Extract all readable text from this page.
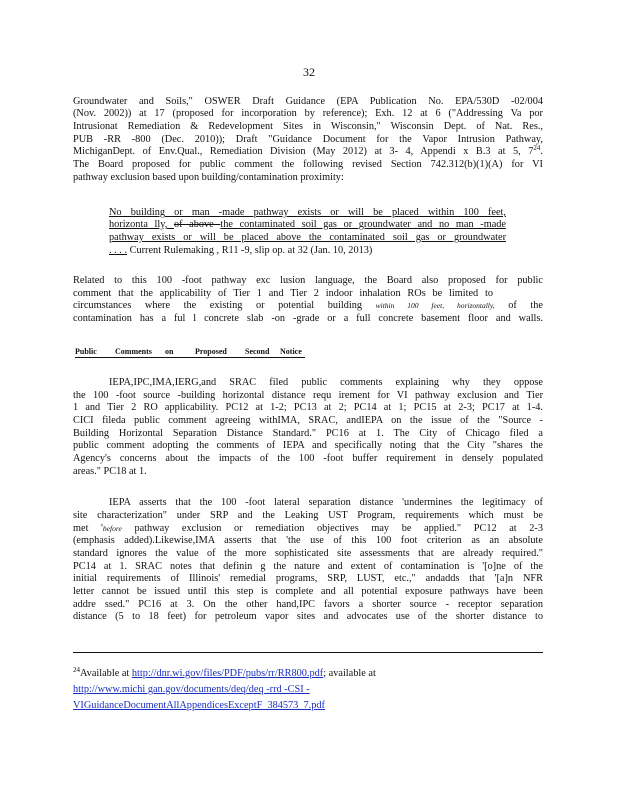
32
Groundwater and Soils," OSWER Draft Guidance (EPA Publication No. EPA/530D -02/004
(Nov. 2002)) at 17 (proposed for incorporation by reference); Exh. 12 at 6 ("Addressing Va por
Intrusionat Remediation & Redevelopment Sites in Wisconsin," Wisconsin Dept. of Nat. Res.,
PUB -RR -800 (Dec. 2010)); Draft "Guidance Document for the Vapor Intrusion Pathway,
MichiganDept. of Env.Qual., Remediation Division (May 2012) at 3- 4, Appendi x B.3 at 5, $7^{24}$.
The Board proposed for public comment the following revised Section 742.312(b)(1)(A) for VI
pathway exclusion based upon building/contamination proximity:
No building or man -made pathway exists or will be placed within 100 feet,
horizonta lly, of above the contaminated soil gas or groundwater and no man -made
pathway exists or will be placed above the contaminated soil gas or groundwater
. . . . Current Rulemaking , R11 -9, slip op. at 32 (Jan. 10, 2013)
Related to this 100 -foot pathway exc lusion language, the Board also proposed for public
comment that the applicability of Tier 1 and Tier 2 indoor inhalation ROs be limited to
circumstances where the existing or potential building within 100 feet, horizontally, of the
contamination has a ful l concrete slab -on -grade or a full concrete basement floor and walls.
Public Comments on	Proposed Second Notice
IEPA,IPC,IMA,IERG,and SRAC filed public comments explaining why they oppose
the 100 -foot source -building horizontal distance requ irement for VI pathway exclusion and Tier
1 and Tier 2 RO applicability. PC12 at 1-2; PC13 at 2; PC14 at 1; PC15 at 2-3; PC17 at 1-4.
CICI fileda public comment agreeing withIMA, SRAC, andIEPA on the issue of the "Source -
Building Horizontal Separation Distance Standard." PC16 at 1. The City of Chicago filed a
public comment adopting the comments of IEPA and specifically noting that the City "shares the
Agency's concerns about the impacts of the 100 -foot buffer requirement in densely populated
areas." PC18 at 1.
IEPA asserts that the 100 -foot lateral separation distance 'undermines the legitimacy of
site characterization" under SRP and the Leaking UST Program, requirements which must be
met 'before pathway exclusion or remediation objectives may be applied." PC12 at 2-3
(emphasis added).Likewise,IMA asserts that 'the use of this 100 foot criterion as an absolute
standard ignores the value of the more sophisticated site assessments that are already required."
PC14 at 1. SRAC notes that definin g the nature and extent of contamination is '[o]ne of the
initial requirements of Illinois' remedial programs, SRP, LUST, etc.," andadds that '[a]n NFR
letter cannot be issued until this step is complete and all potential exposure pathways have been
addre ssed." PC16 at 3. On the other hand,IPC favors a shorter source - receptor separation
distance (5 to 18 feet) for petroleum vapor sites and advocates use of the shorter distance to
$^{24}$Available at http://dnr.wi.gov/files/PDF/pubs/rr/RR800.pdf; available at
http://www.michi gan.gov/documents/deq/deq -rrd -CSI -
VIGuidanceDocumentAllAppendicesExceptF_384573_7.pdf
